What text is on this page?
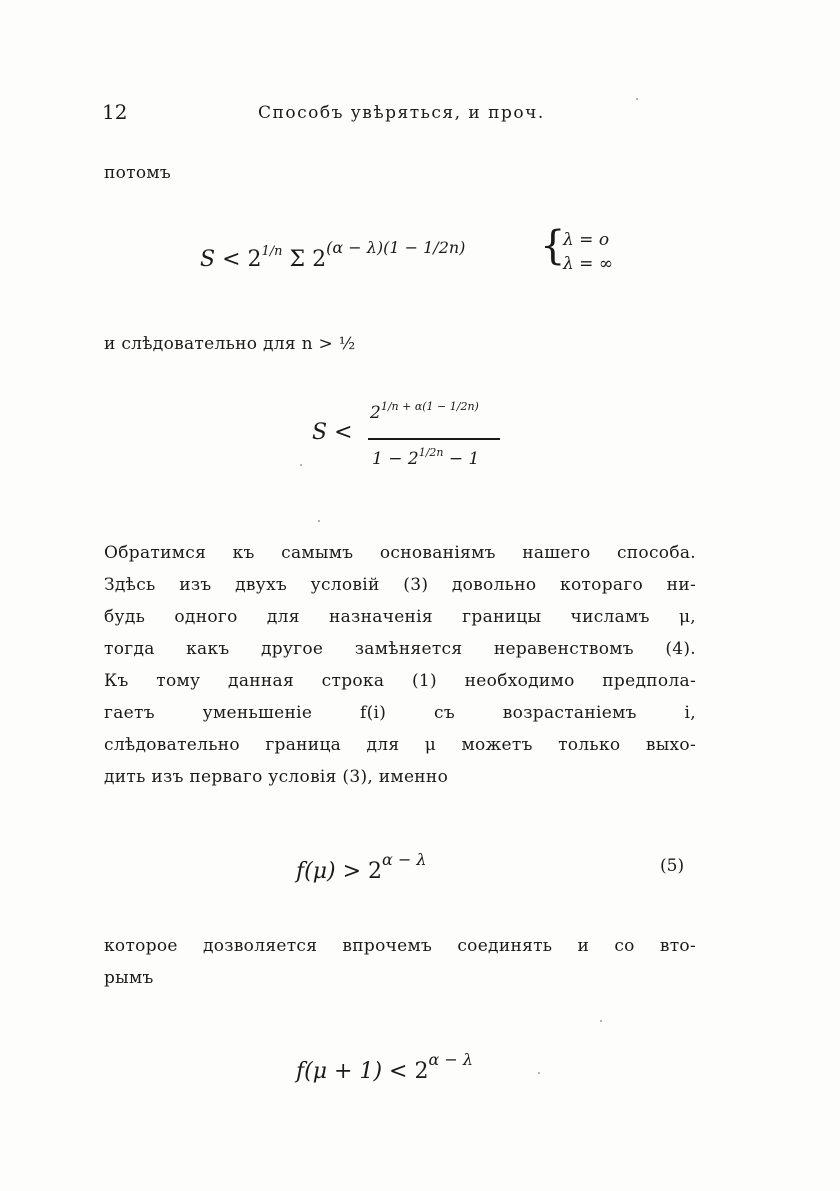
12	Способъ увѣряться, и проч.
потомъ
$S < 2^{1/n}$ Σ $2^{(\alpha - \lambda)(1 - 1/2n)}$ {
λ = o
λ = ∞
и слѣдовательно для n > ½
S <
$2^{1/n + \alpha(1 - 1/2n)}$
$1 - 2^{1/2n} - 1$
Обратимся къ самымъ основаніямъ нашего способа.
Здѣсь изъ двухъ условій (3) довольно котораго ни-
будь одного для назначенія границы числамъ μ,
тогда какъ другое замѣняется неравенствомъ (4).
Къ тому данная строка (1) необходимо предпола-
гаетъ уменьшеніе f(i) съ возрастаніемъ i,
слѣдовательно граница для μ можетъ только выхо-
дить изъ перваго условія (3), именно
$f(\mu) > 2^{\alpha - \lambda}$	(5)
которое дозволяется впрочемъ соединять и со вто-
рымъ
$f(\mu + 1) < 2^{\alpha - \lambda}$
